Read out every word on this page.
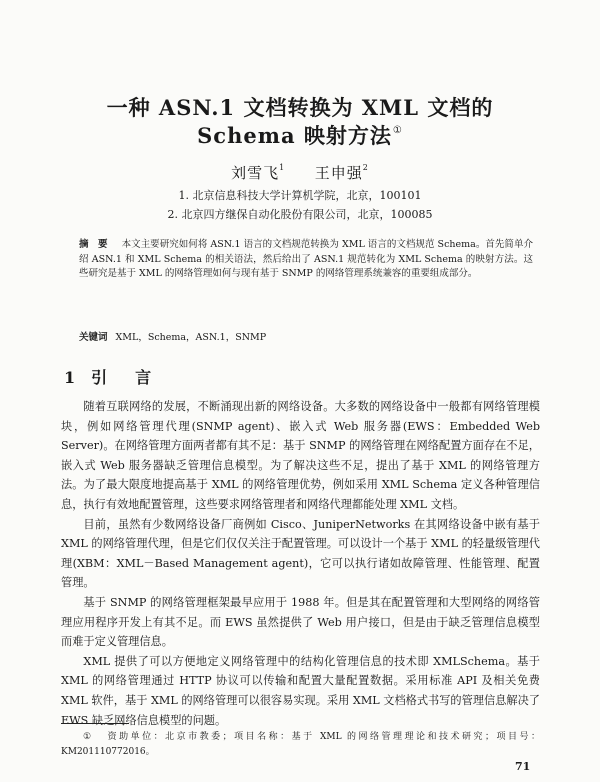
一种 ASN.1 文档转换为 XML 文档的
Schema 映射方法①
刘雪飞$^1$ 王申强$^2$
1. 北京信息科技大学计算机学院，北京，100101
2. 北京四方继保自动化股份有限公司，北京，100085
摘　要 本文主要研究如何将 ASN.1 语言的文档规范转换为 XML 语言的文档规范 Schema。首先简单介绍 ASN.1 和 XML Schema 的相关语法，然后给出了 ASN.1 规范转化为 XML Schema 的映射方法。这些研究是基于 XML 的网络管理如何与现有基于 SNMP 的网络管理系统兼容的重要组成部分。
关键词 XML，Schema，ASN.1，SNMP
1 引　言

随着互联网络的发展，不断涌现出新的网络设备。大多数的网络设备中一般都有网络管理模块，例如网络管理代理(SNMP agent)、嵌入式 Web 服务器(EWS：Embedded Web Server)。在网络管理方面两者都有其不足：基于 SNMP 的网络管理在网络配置方面存在不足，嵌入式 Web 服务器缺乏管理信息模型。为了解决这些不足，提出了基于 XML 的网络管理方法。为了最大限度地提高基于 XML 的网络管理优势，例如采用 XML Schema 定义各种管理信息，执行有效地配置管理，这些要求网络管理者和网络代理都能处理 XML 文档。

目前，虽然有少数网络设备厂商例如 Cisco、JuniperNetworks 在其网络设备中嵌有基于 XML 的网络管理代理，但是它们仅仅关注于配置管理。可以设计一个基于 XML 的轻量级管理代理(XBM：XML－Based Management agent)，它可以执行诸如故障管理、性能管理、配置管理。

基于 SNMP 的网络管理框架最早应用于 1988 年。但是其在配置管理和大型网络的网络管理应用程序开发上有其不足。而 EWS 虽然提供了 Web 用户接口，但是由于缺乏管理信息模型而难于定义管理信息。

XML 提供了可以方便地定义网络管理中的结构化管理信息的技术即 XMLSchema。基于 XML 的网络管理通过 HTTP 协议可以传输和配置大量配置数据。采用标准 API 及相关免费 XML 软件，基于 XML 的网络管理可以很容易实现。采用 XML 文档格式书写的管理信息解决了 EWS 缺乏网络信息模型的问题。

① 资助单位：北京市教委；项目名称：基于 XML 的网络管理理论和技术研究；项目号：KM201110772016。
71
